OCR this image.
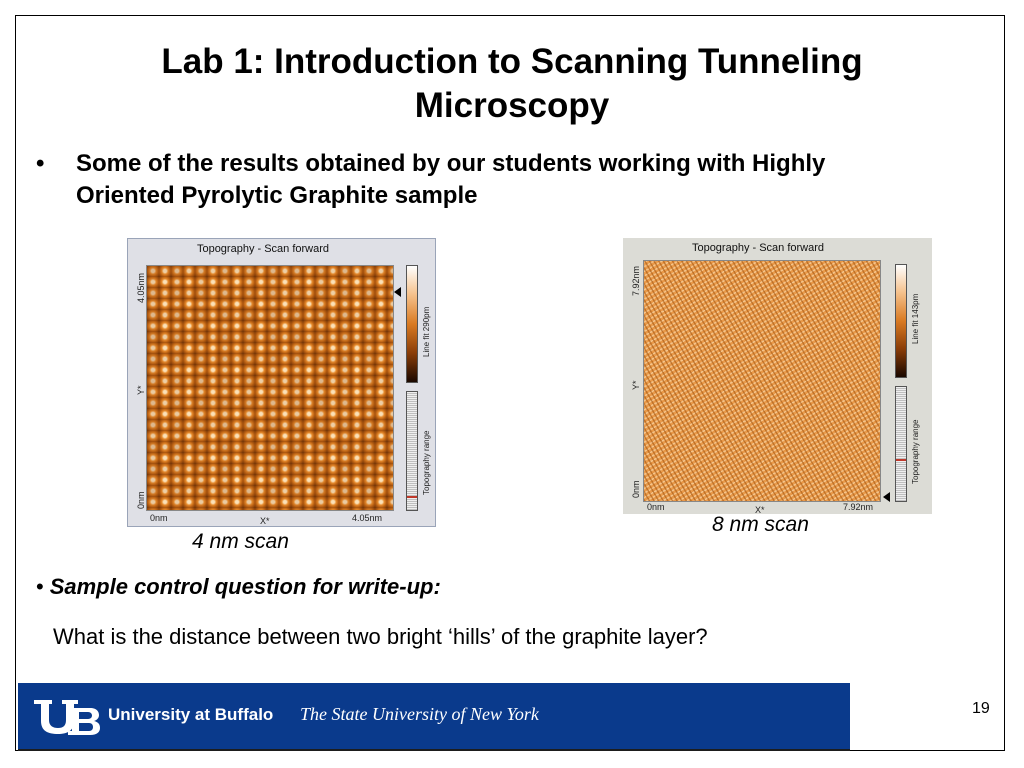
Lab 1: Introduction to Scanning Tunneling Microscopy
• Some of the results obtained by our students working with Highly Oriented Pyrolytic Graphite sample
Topography - Scan forward
4.05nm
Y*
0nm
0nm	X*	4.05nm
Line fit 290pm
Topography range
4 nm scan
Topography - Scan forward
7.92nm
Y*
0nm
0nm	X*	7.92nm
Line fit 143pm
Topography range
8 nm scan
• Sample control question for write-up:
What is the distance between two bright ‘hills’ of the graphite layer?
University at Buffalo The State University of New York	19
